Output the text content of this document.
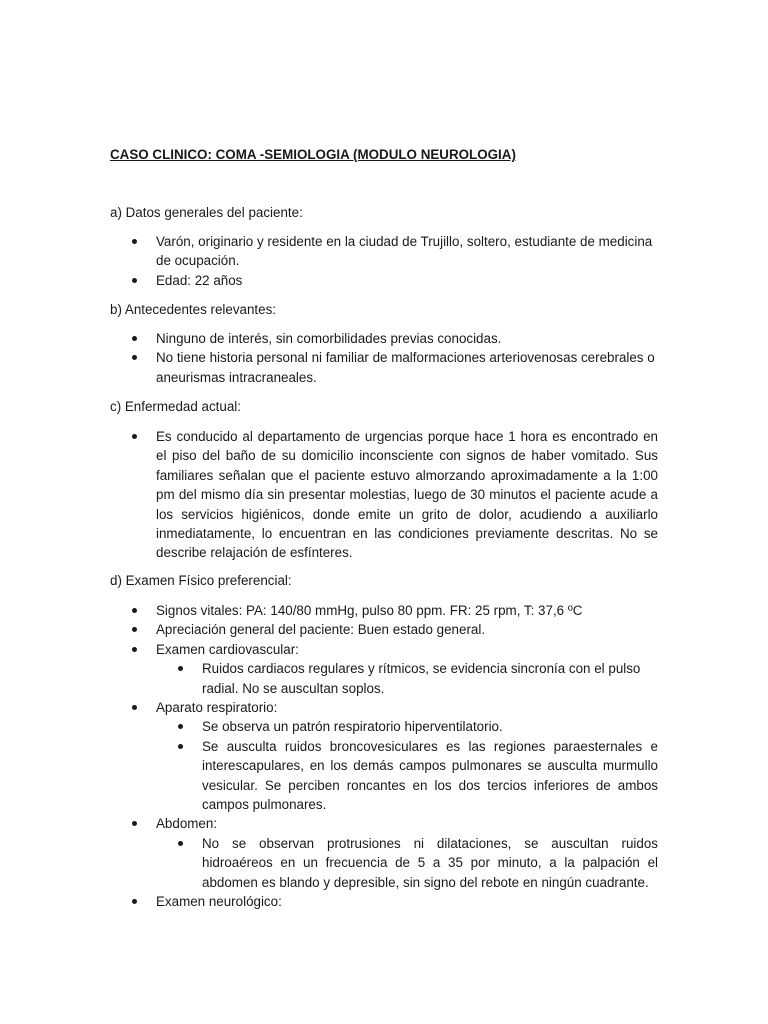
CASO CLINICO: COMA -SEMIOLOGIA (MODULO NEUROLOGIA)

a) Datos generales del paciente:

Varón, originario y residente en la ciudad de Trujillo, soltero, estudiante de medicina de ocupación.
Edad: 22 años

b) Antecedentes relevantes:

Ninguno de interés, sin comorbilidades previas conocidas.
No tiene historia personal ni familiar de malformaciones arteriovenosas cerebrales o aneurismas intracraneales.

c) Enfermedad actual:

Es conducido al departamento de urgencias porque hace 1 hora es encontrado en el piso del baño de su domicilio inconsciente con signos de haber vomitado. Sus familiares señalan que el paciente estuvo almorzando aproximadamente a la 1:00 pm del mismo día sin presentar molestias, luego de 30 minutos el paciente acude a los servicios higiénicos, donde emite un grito de dolor, acudiendo a auxiliarlo inmediatamente, lo encuentran en las condiciones previamente descritas. No se describe relajación de esfínteres.

d) Examen Físico preferencial:

Signos vitales: PA: 140/80 mmHg, pulso 80 ppm. FR: 25 rpm, T: 37,6 ºC
Apreciación general del paciente: Buen estado general.
Examen cardiovascular:
Ruidos cardiacos regulares y rítmicos, se evidencia sincronía con el pulso radial. No se auscultan soplos.
Aparato respiratorio:
Se observa un patrón respiratorio hiperventilatorio.
Se ausculta ruidos broncovesiculares es las regiones paraesternales e interescapulares, en los demás campos pulmonares se ausculta murmullo vesicular. Se perciben roncantes en los dos tercios inferiores de ambos campos pulmonares.
Abdomen:
No se observan protrusiones ni dilataciones, se auscultan ruidos hidroaéreos en un frecuencia de 5 a 35 por minuto, a la palpación el abdomen es blando y depresible, sin signo del rebote en ningún cuadrante.
Examen neurológico:
